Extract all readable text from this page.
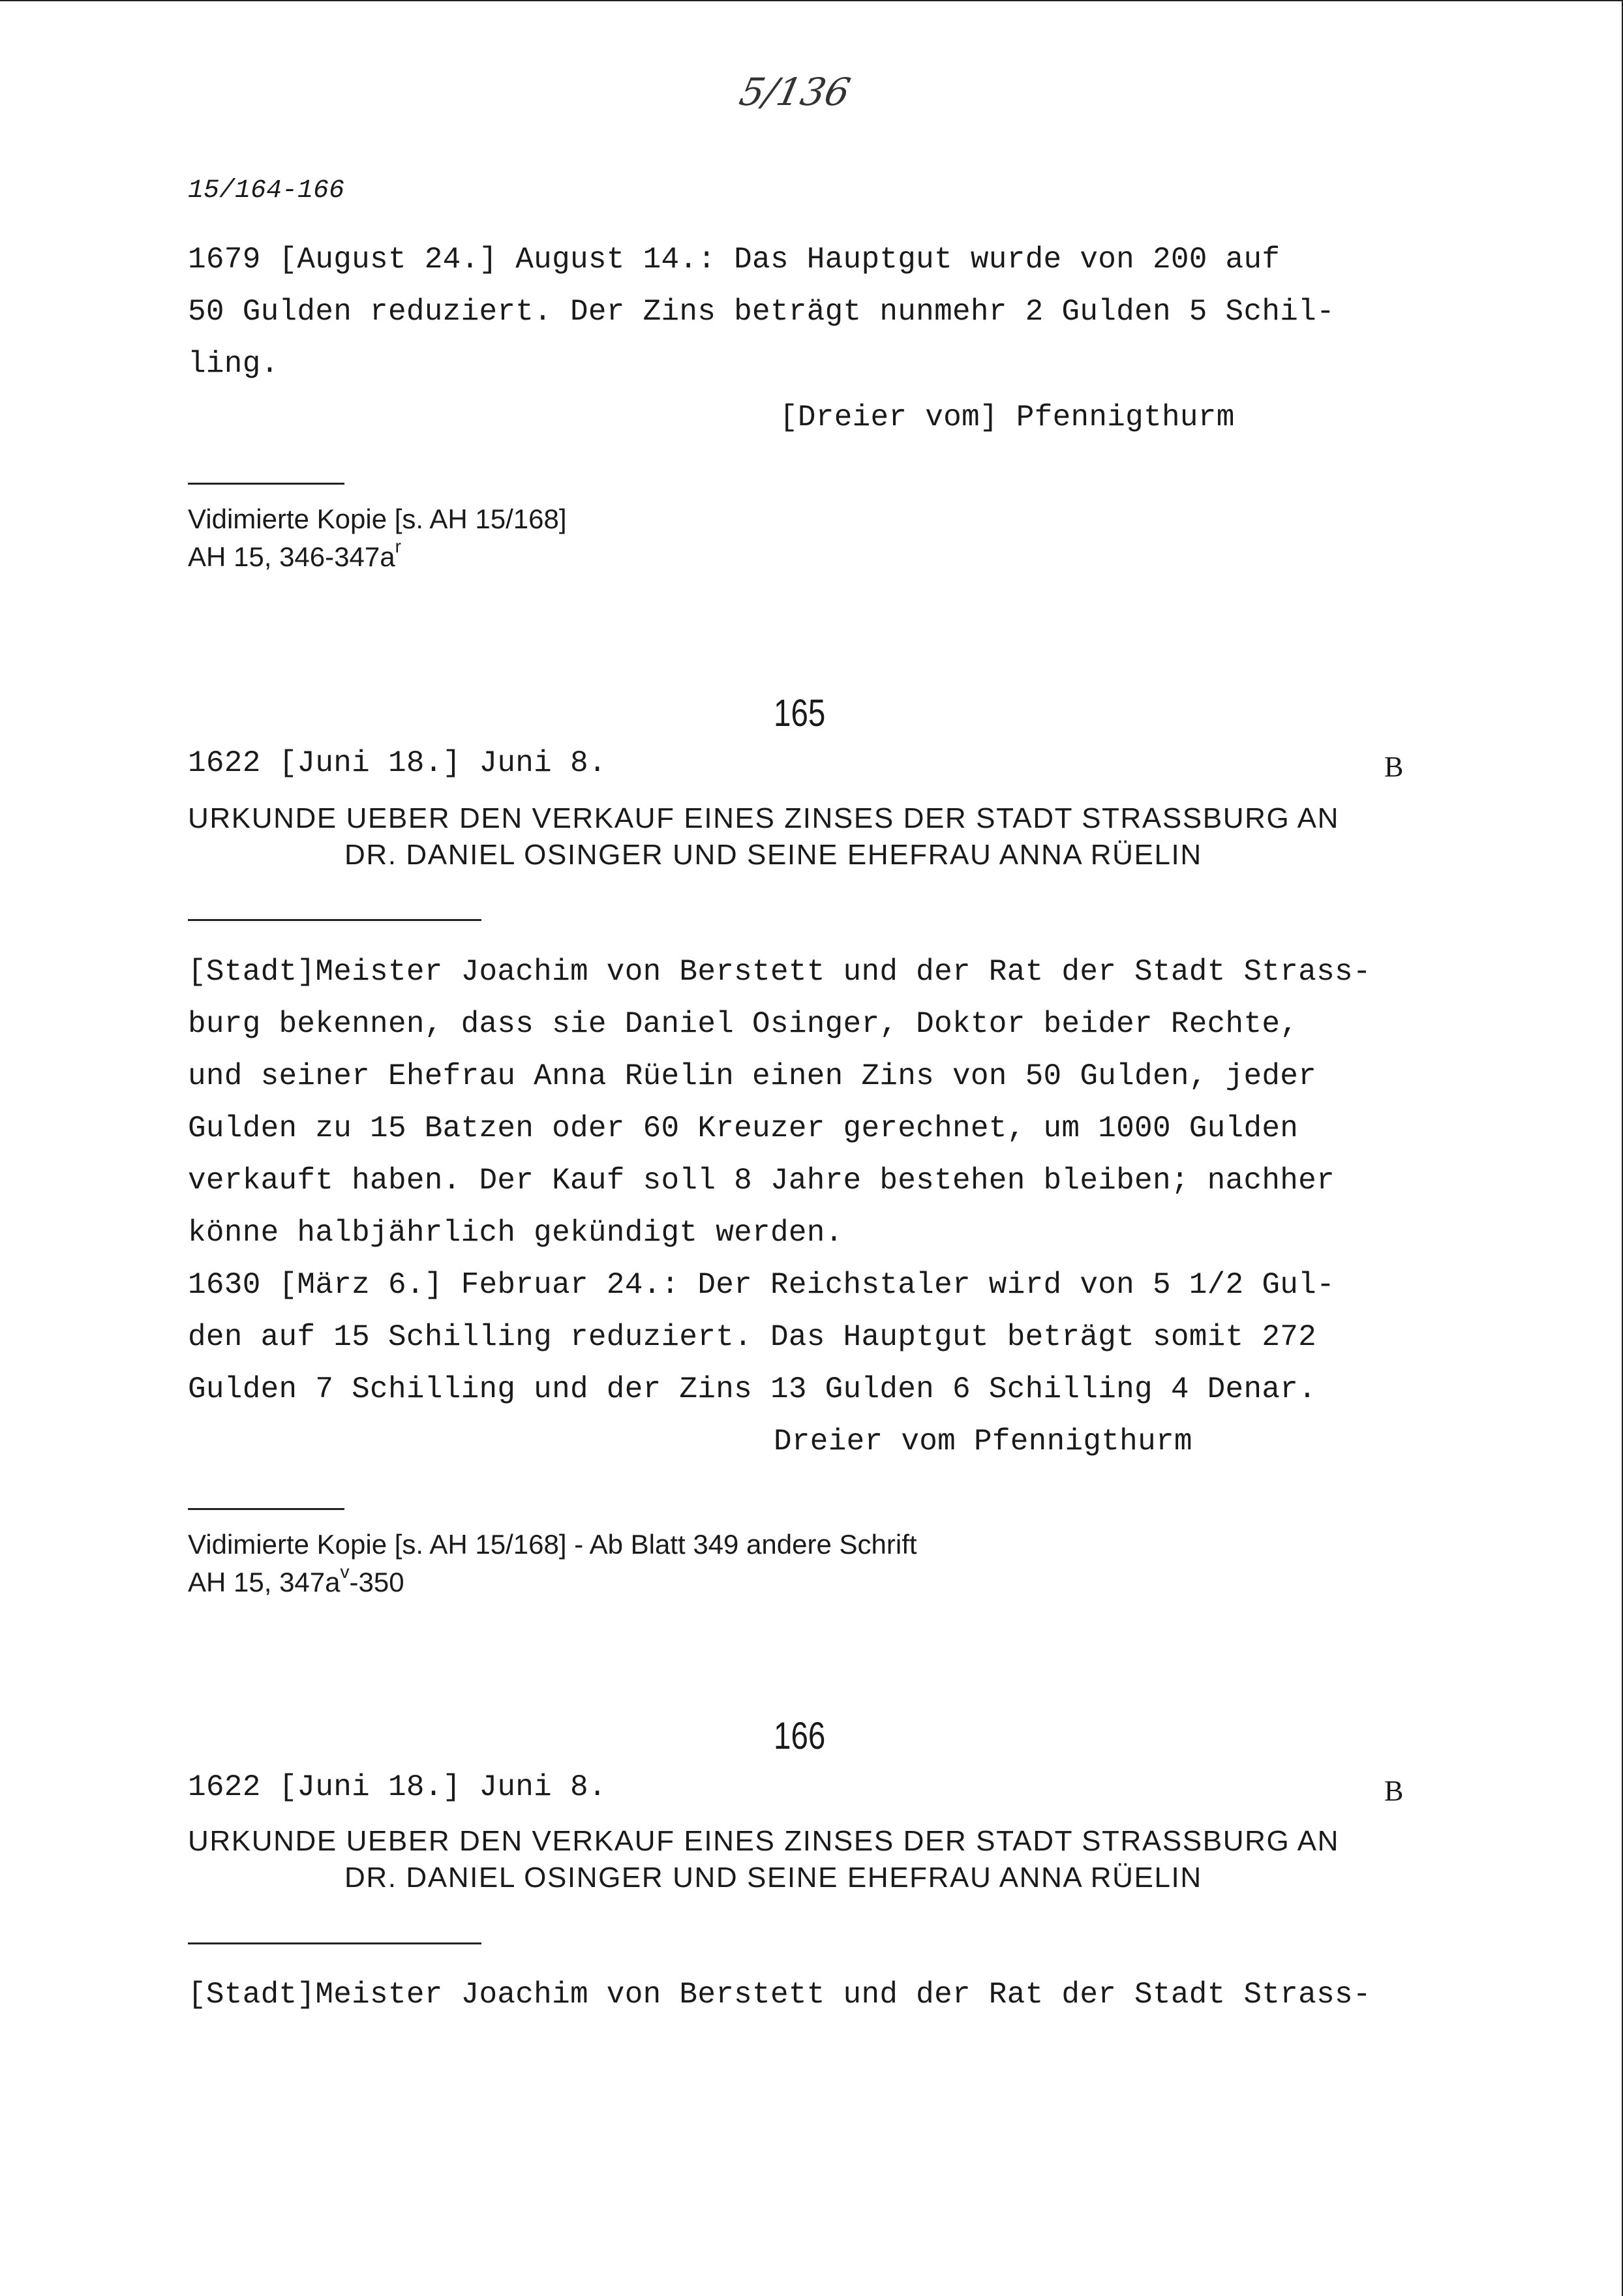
5/136
15/164-166
1679 [August 24.] August 14.: Das Hauptgut wurde von 200 auf
50 Gulden reduziert. Der Zins beträgt nunmehr 2 Gulden 5 Schil-
ling.
[Dreier vom] Pfennigthurm
Vidimierte Kopie [s. AH 15/168]
AH 15, $346-347a^r$
165
1622 [Juni 18.] Juni 8.	B
URKUNDE UEBER DEN VERKAUF EINES ZINSES DER STADT STRASSBURG AN
DR. DANIEL OSINGER UND SEINE EHEFRAU ANNA RÜELIN
[Stadt]Meister Joachim von Berstett und der Rat der Stadt Strass-
burg bekennen, dass sie Daniel Osinger, Doktor beider Rechte,
und seiner Ehefrau Anna Rüelin einen Zins von 50 Gulden, jeder
Gulden zu 15 Batzen oder 60 Kreuzer gerechnet, um 1000 Gulden
verkauft haben. Der Kauf soll 8 Jahre bestehen bleiben; nachher
könne halbjährlich gekündigt werden.
1630 [März 6.] Februar 24.: Der Reichstaler wird von 5 1/2 Gul-
den auf 15 Schilling reduziert. Das Hauptgut beträgt somit 272
Gulden 7 Schilling und der Zins 13 Gulden 6 Schilling 4 Denar.
Dreier vom Pfennigthurm
Vidimierte Kopie [s. AH 15/168] - Ab Blatt 349 andere Schrift
AH 15, $347a^v-350$
166
1622 [Juni 18.] Juni 8.	B
URKUNDE UEBER DEN VERKAUF EINES ZINSES DER STADT STRASSBURG AN
DR. DANIEL OSINGER UND SEINE EHEFRAU ANNA RÜELIN
[Stadt]Meister Joachim von Berstett und der Rat der Stadt Strass-
